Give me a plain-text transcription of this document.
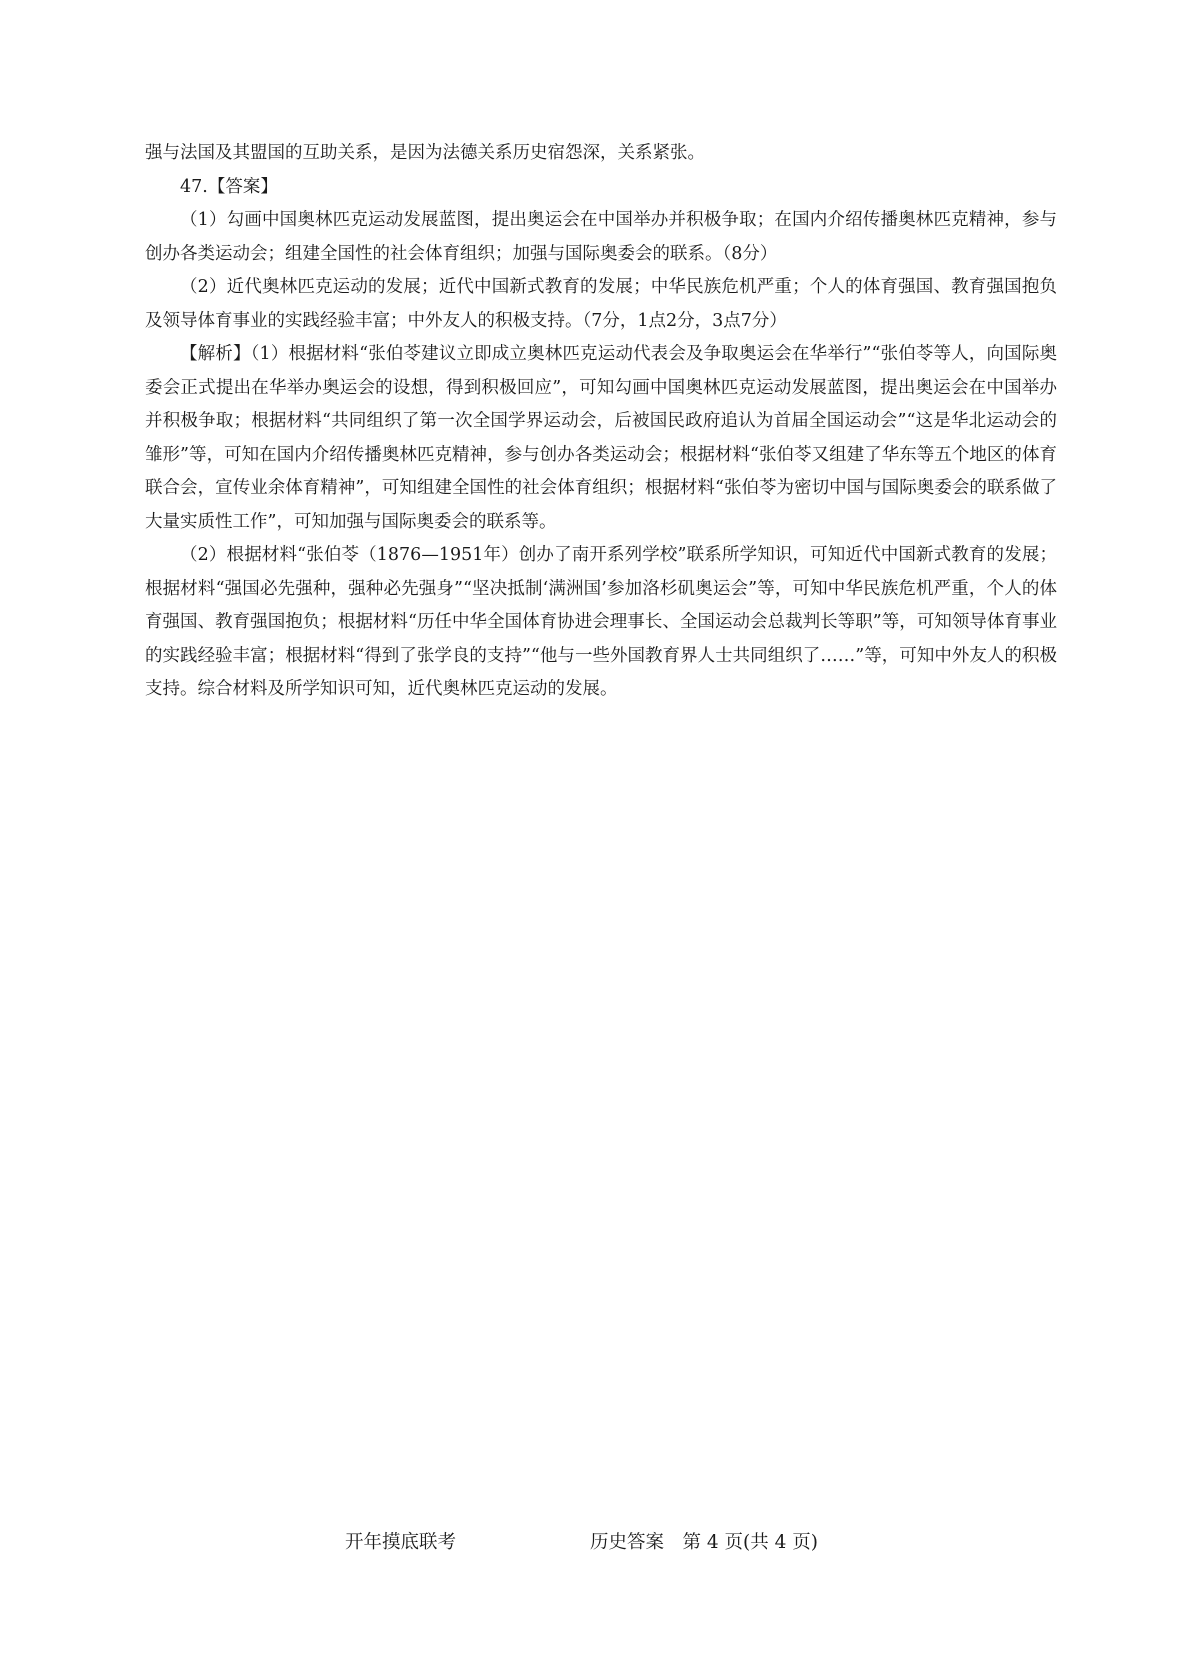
强与法国及其盟国的互助关系，是因为法德关系历史宿怨深，关系紧张。

47.【答案】

（1）勾画中国奥林匹克运动发展蓝图，提出奥运会在中国举办并积极争取；在国内介绍传播奥林匹克精神，参与创办各类运动会；组建全国性的社会体育组织；加强与国际奥委会的联系。（8分）

（2）近代奥林匹克运动的发展；近代中国新式教育的发展；中华民族危机严重；个人的体育强国、教育强国抱负及领导体育事业的实践经验丰富；中外友人的积极支持。（7分，1点2分，3点7分）

【解析】（1）根据材料“张伯苓建议立即成立奥林匹克运动代表会及争取奥运会在华举行”“张伯苓等人，向国际奥委会正式提出在华举办奥运会的设想，得到积极回应”，可知勾画中国奥林匹克运动发展蓝图，提出奥运会在中国举办并积极争取；根据材料“共同组织了第一次全国学界运动会，后被国民政府追认为首届全国运动会”“这是华北运动会的雏形”等，可知在国内介绍传播奥林匹克精神，参与创办各类运动会；根据材料“张伯苓又组建了华东等五个地区的体育联合会，宣传业余体育精神”，可知组建全国性的社会体育组织；根据材料“张伯苓为密切中国与国际奥委会的联系做了大量实质性工作”，可知加强与国际奥委会的联系等。

（2）根据材料“张伯苓（1876—1951年）创办了南开系列学校”联系所学知识，可知近代中国新式教育的发展；根据材料“强国必先强种，强种必先强身”“坚决抵制‘满洲国’参加洛杉矶奥运会”等，可知中华民族危机严重，个人的体育强国、教育强国抱负；根据材料“历任中华全国体育协进会理事长、全国运动会总裁判长等职”等，可知领导体育事业的实践经验丰富；根据材料“得到了张学良的支持”“他与一些外国教育界人士共同组织了……”等，可知中外友人的积极支持。综合材料及所学知识可知，近代奥林匹克运动的发展。

开年摸底联考	历史答案　第 4 页(共 4 页)
